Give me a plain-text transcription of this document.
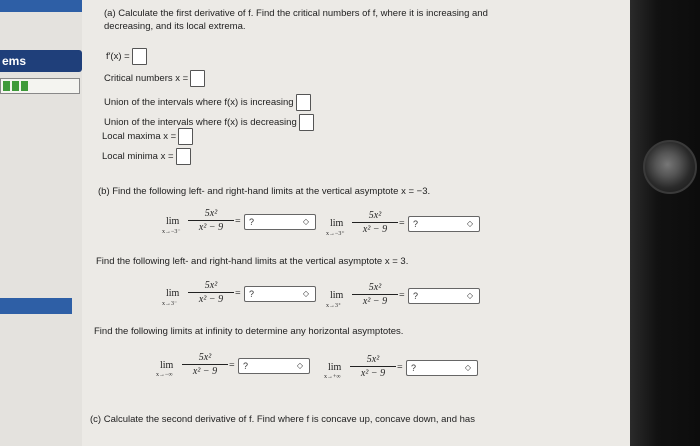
ems
(a) Calculate the first derivative of f. Find the critical numbers of f, where it is increasing and
decreasing, and its local extrema.
f′(x) =
Critical numbers x =
Union of the intervals where f(x) is increasing
Union of the intervals where f(x) is decreasing
Local maxima x =
Local minima x =
(b) Find the following left- and right-hand limits at the vertical asymptote x = −3.
lim
$x\to-3^- \frac{\text{5x²}}{\text{x² − 9}}$ = ?	◇ lim
$x\to-3^+ \frac{\text{5x²}}{\text{x² − 9}}$ = ?	◇
Find the following left- and right-hand limits at the vertical asymptote x = 3.
lim
$x\to 3^- \frac{\text{5x²}}{\text{x² − 9}}$ = ?	◇ lim
$x\to 3^+ \frac{\text{5x²}}{\text{x² − 9}}$ = ?	◇
Find the following limits at infinity to determine any horizontal asymptotes.
lim
$x\to-\infty \frac{\text{5x²}}{\text{x² − 9}}$ = ?	◇	lim
$x\to+\infty \frac{\text{5x²}}{\text{x² − 9}}$ = ?	◇
(c) Calculate the second derivative of f. Find where f is concave up, concave down, and has
